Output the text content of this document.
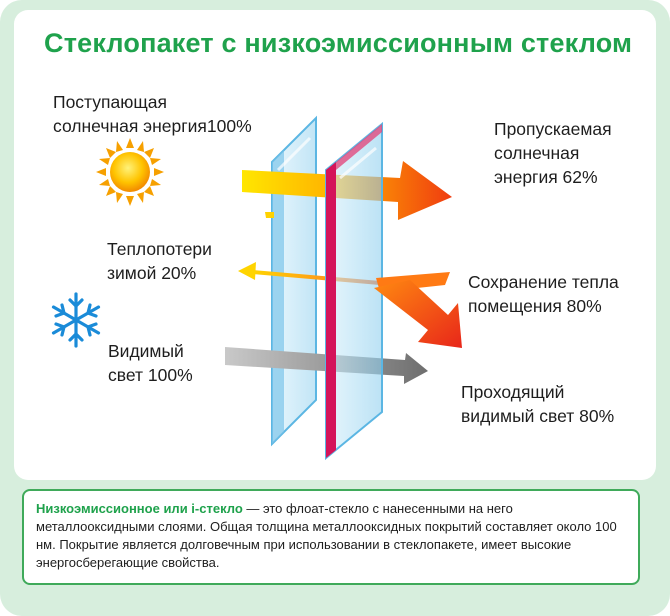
Стеклопакет с низкоэмиссионным стеклом
Поступающая
солнечная энергия100%	Пропускаемая
солнечная
энергия 62%
Теплопотери
зимой 20%	Сохранение тепла
помещения 80%
Видимый
свет 100%
Проходящий
видимый свет 80%
Низкоэмиссионное или i-стекло — это флоат-стекло с нанесенными на него металлооксидными слоями. Общая толщина металлооксидных покрытий составляет около 100 нм. Покрытие является долговечным при использовании в стеклопакете, имеет высокие энергосберегающие свойства.
